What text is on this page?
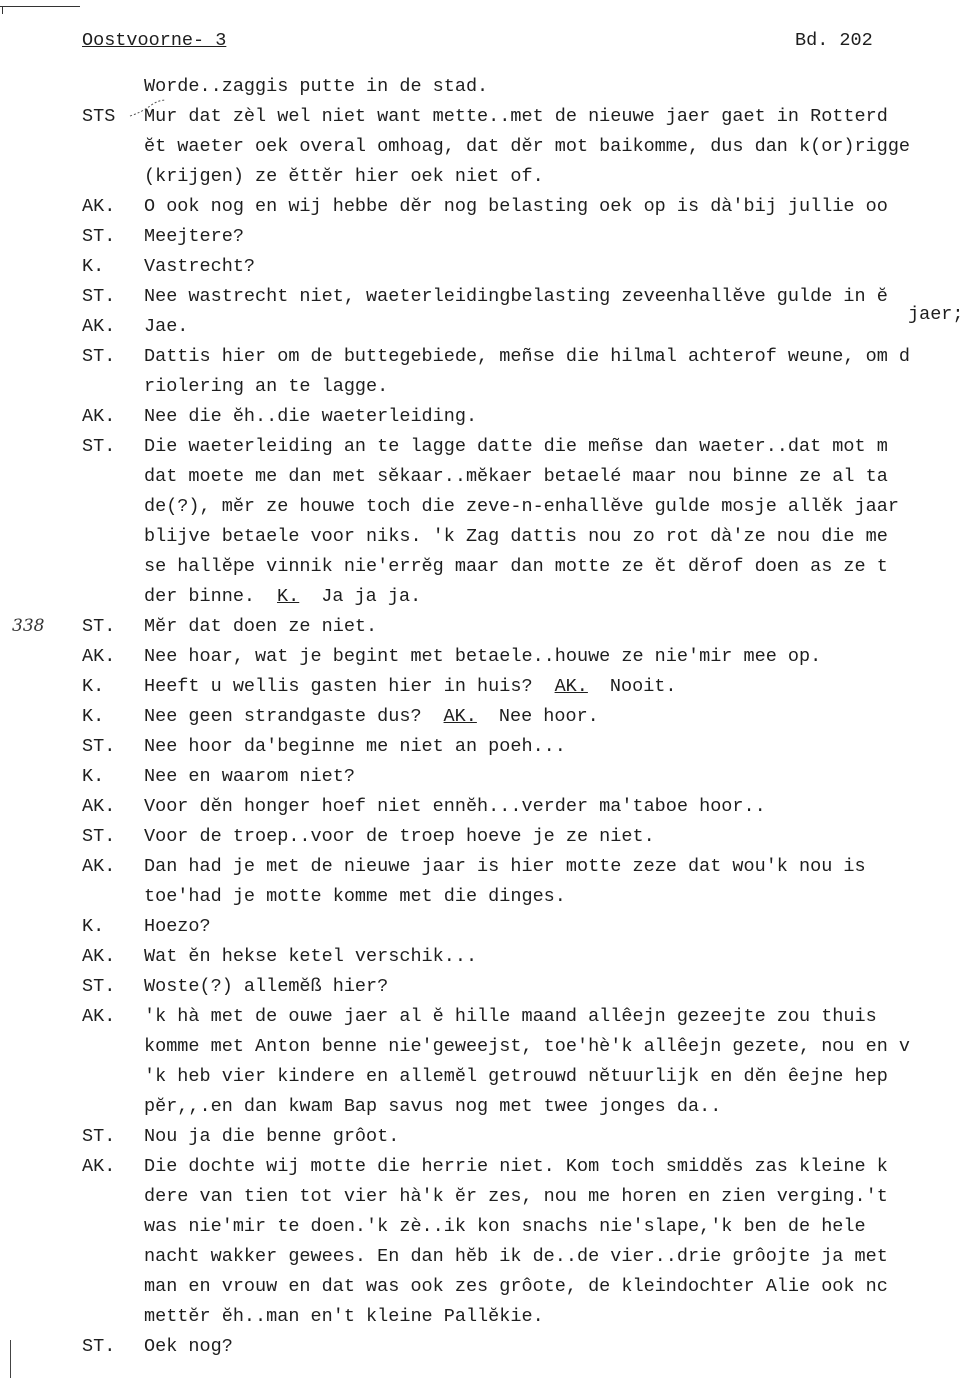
Oostvoorne- 3	Bd. 202
Worde..zaggis putte in de stad.
STS Mur dat zèl wel niet want mette..met de nieuwe jaer gaet in Rotterd
ĕt waeter oek overal omhoag, dat dĕr mot baikomme, dus dan k(or)rigge
(krijgen) ze ĕttĕr hier oek niet of.
AK. O ook nog en wij hebbe dĕr nog belasting oek op is dà'bij jullie oo
ST. Meejtere?
K. Vastrecht?
ST. Nee wastrecht niet, waeterleidingbelasting zeveenhallĕve gulde in ĕ
AK. Jae.
jaer;
ST. Dattis hier om de buttegebiede, meñse die hilmal achterof weune, om d
riolering an te lagge.
AK. Nee die ĕh..die waeterleiding.
ST. Die waeterleiding an te lagge datte die meñse dan waeter..dat mot m
dat moete me dan met sĕkaar..mĕkaer betaelé maar nou binne ze al ta
de(?), mĕr ze houwe toch die zeve-n-enhallĕve gulde mosje allĕk jaar
blijve betaele voor niks. 'k Zag dattis nou zo rot dà'ze nou die me
se hallĕpe vinnik nie'errĕg maar dan motte ze ĕt dĕrof doen as ze t
der binne. K. Ja ja ja.
338 ST. Mĕr dat doen ze niet.
AK. Nee hoar, wat je begint met betaele..houwe ze nie'mir mee op.
K. Heeft u wellis gasten hier in huis? AK. Nooit.
K. Nee geen strandgaste dus? AK. Nee hoor.
ST. Nee hoor da'beginne me niet an poeh...
K. Nee en waarom niet?
AK. Voor dĕn honger hoef niet ennĕh...verder ma'taboe hoor..
ST. Voor de troep..voor de troep hoeve je ze niet.
AK. Dan had je met de nieuwe jaar is hier motte zeze dat wou'k nou is
toe'had je motte komme met die dinges.
K. Hoezo?
AK. Wat ĕn hekse ketel verschik...
ST. Woste(?) allemĕß hier?
AK. 'k hà met de ouwe jaer al ĕ hille maand allêejn gezeejte zou thuis
komme met Anton benne nie'geweejst, toe'hè'k allêejn gezete, nou en v
'k heb vier kindere en allemĕl getrouwd nĕtuurlijk en dĕn êejne hep
pĕr,,.en dan kwam Bap savus nog met twee jonges da..
ST. Nou ja die benne grôot.
AK. Die dochte wij motte die herrie niet. Kom toch smiddĕs zas kleine k
dere van tien tot vier hà'k ĕr zes, nou me horen en zien verging.'t
was nie'mir te doen.'k zè..ik kon snachs nie'slape,'k ben de hele
nacht wakker gewees. En dan hĕb ik de..de vier..drie grôojte ja met
man en vrouw en dat was ook zes grôote, de kleindochter Alie ook nc
mettĕr ĕh..man en't kleine Pallĕkie.
ST. Oek nog?
